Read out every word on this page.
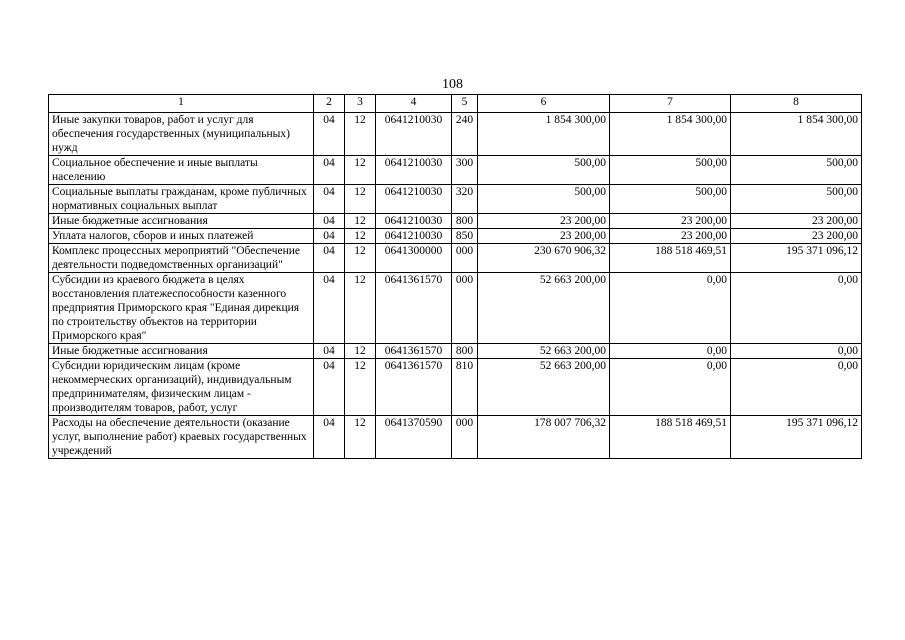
108
1	2	3	4	5	6	7	8
Иные закупки товаров, работ и услуг для обеспечения государственных (муниципальных) нужд	04	12	0641210030	240	1 854 300,00	1 854 300,00	1 854 300,00
Социальное обеспечение и иные выплаты населению	04	12	0641210030	300	500,00	500,00	500,00
Социальные выплаты гражданам, кроме публичных нормативных социальных выплат	04	12	0641210030	320	500,00	500,00	500,00
Иные бюджетные ассигнования	04	12	0641210030	800	23 200,00	23 200,00	23 200,00
Уплата налогов, сборов и иных платежей	04	12	0641210030	850	23 200,00	23 200,00	23 200,00
Комплекс процессных мероприятий "Обеспечение деятельности подведомственных организаций"	04	12	0641300000	000	230 670 906,32	188 518 469,51	195 371 096,12
Субсидии из краевого бюджета в целях восстановления платежеспособности казенного предприятия Приморского края "Единая дирекция по строительству объектов на территории Приморского края"	04	12	0641361570	000	52 663 200,00	0,00	0,00
Иные бюджетные ассигнования	04	12	0641361570	800	52 663 200,00	0,00	0,00
Субсидии юридическим лицам (кроме некоммерческих организаций), индивидуальным предпринимателям, физическим лицам - производителям товаров, работ, услуг	04	12	0641361570	810	52 663 200,00	0,00	0,00
Расходы на обеспечение деятельности (оказание услуг, выполнение работ) краевых государственных учреждений	04	12	0641370590	000	178 007 706,32	188 518 469,51	195 371 096,12
